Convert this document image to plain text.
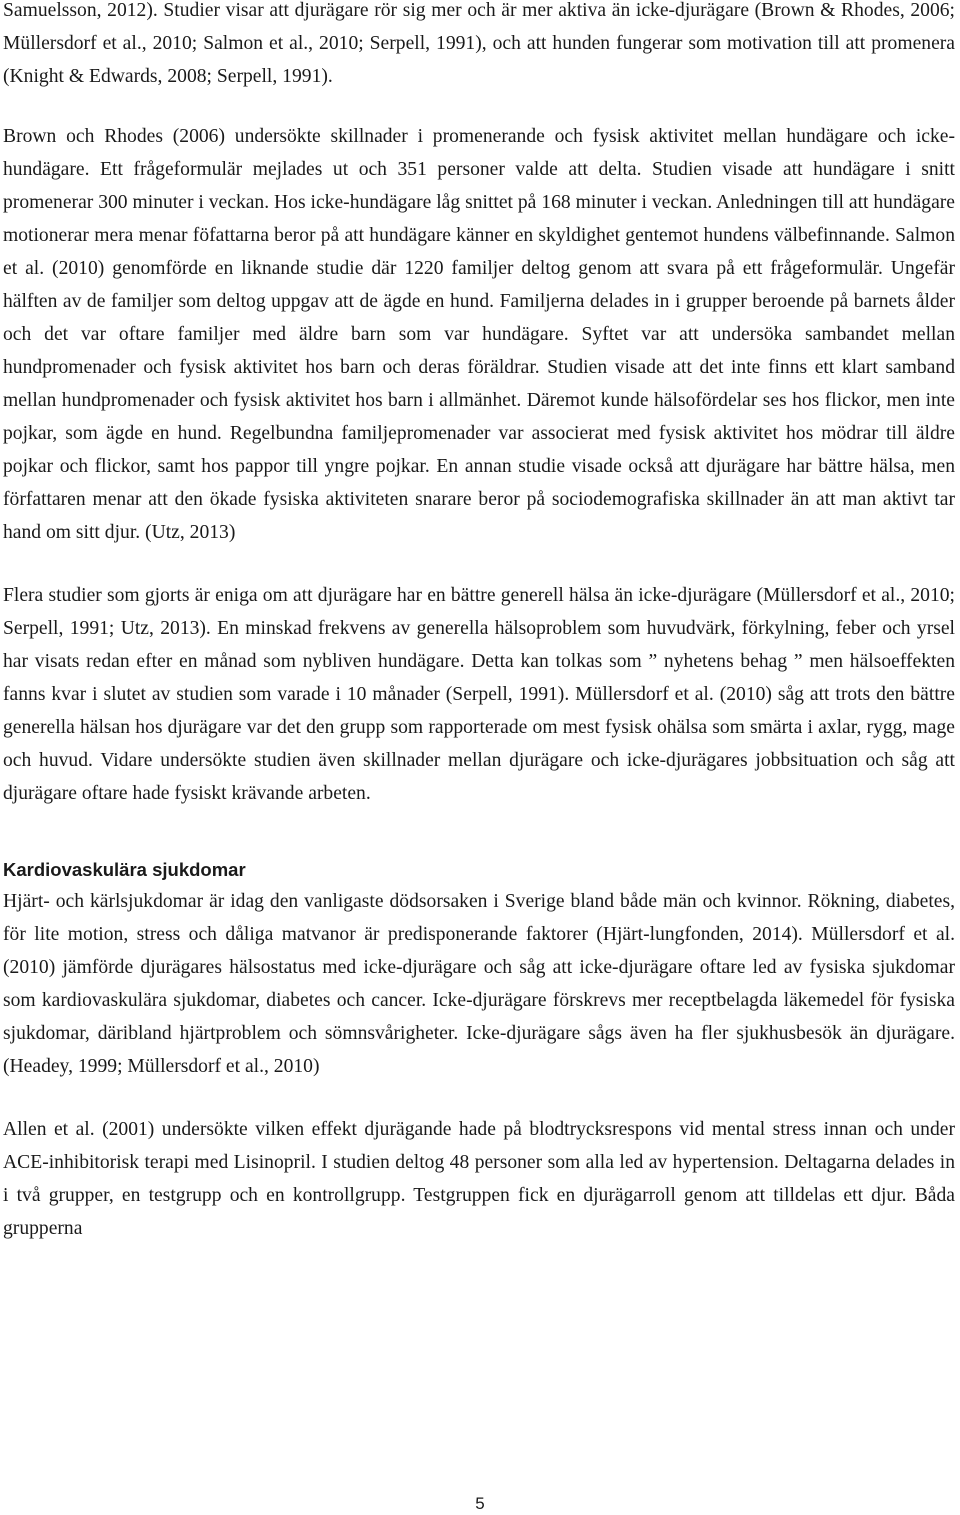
Samuelsson, 2012). Studier visar att djurägare rör sig mer och är mer aktiva än icke-djurägare (Brown & Rhodes, 2006; Müllersdorf et al., 2010; Salmon et al., 2010; Serpell, 1991), och att hunden fungerar som motivation till att promenera (Knight & Edwards, 2008; Serpell, 1991).

Brown och Rhodes (2006) undersökte skillnader i promenerande och fysisk aktivitet mellan hundägare och icke-hundägare. Ett frågeformulär mejlades ut och 351 personer valde att delta. Studien visade att hundägare i snitt promenerar 300 minuter i veckan. Hos icke-hundägare låg snittet på 168 minuter i veckan. Anledningen till att hundägare motionerar mera menar föfattarna beror på att hundägare känner en skyldighet gentemot hundens välbefinnande. Salmon et al. (2010) genomförde en liknande studie där 1220 familjer deltog genom att svara på ett frågeformulär. Ungefär hälften av de familjer som deltog uppgav att de ägde en hund. Familjerna delades in i grupper beroende på barnets ålder och det var oftare familjer med äldre barn som var hundägare. Syftet var att undersöka sambandet mellan hundpromenader och fysisk aktivitet hos barn och deras föräldrar. Studien visade att det inte finns ett klart samband mellan hundpromenader och fysisk aktivitet hos barn i allmänhet. Däremot kunde hälsofördelar ses hos flickor, men inte pojkar, som ägde en hund. Regelbundna familjepromenader var associerat med fysisk aktivitet hos mödrar till äldre pojkar och flickor, samt hos pappor till yngre pojkar. En annan studie visade också att djurägare har bättre hälsa, men författaren menar att den ökade fysiska aktiviteten snarare beror på sociodemografiska skillnader än att man aktivt tar hand om sitt djur. (Utz, 2013)

Flera studier som gjorts är eniga om att djurägare har en bättre generell hälsa än icke-djurägare (Müllersdorf et al., 2010; Serpell, 1991; Utz, 2013). En minskad frekvens av generella hälsoproblem som huvudvärk, förkylning, feber och yrsel har visats redan efter en månad som nybliven hundägare. Detta kan tolkas som ” nyhetens behag ” men hälsoeffekten fanns kvar i slutet av studien som varade i 10 månader (Serpell, 1991). Müllersdorf et al. (2010) såg att trots den bättre generella hälsan hos djurägare var det den grupp som rapporterade om mest fysisk ohälsa som smärta i axlar, rygg, mage och huvud. Vidare undersökte studien även skillnader mellan djurägare och icke-djurägares jobbsituation och såg att djurägare oftare hade fysiskt krävande arbeten.

Kardiovaskulära sjukdomar

Hjärt- och kärlsjukdomar är idag den vanligaste dödsorsaken i Sverige bland både män och kvinnor. Rökning, diabetes, för lite motion, stress och dåliga matvanor är predisponerande faktorer (Hjärt-lungfonden, 2014). Müllersdorf et al. (2010) jämförde djurägares hälsostatus med icke-djurägare och såg att icke-djurägare oftare led av fysiska sjukdomar som kardiovaskulära sjukdomar, diabetes och cancer. Icke-djurägare förskrevs mer receptbelagda läkemedel för fysiska sjukdomar, däribland hjärtproblem och sömnsvårigheter. Icke-djurägare sågs även ha fler sjukhusbesök än djurägare. (Headey, 1999; Müllersdorf et al., 2010)

Allen et al. (2001) undersökte vilken effekt djurägande hade på blodtrycksrespons vid mental stress innan och under ACE-inhibitorisk terapi med Lisinopril. I studien deltog 48 personer som alla led av hypertension. Deltagarna delades in i två grupper, en testgrupp och en kontrollgrupp. Testgruppen fick en djurägarroll genom att tilldelas ett djur. Båda grupperna

5
